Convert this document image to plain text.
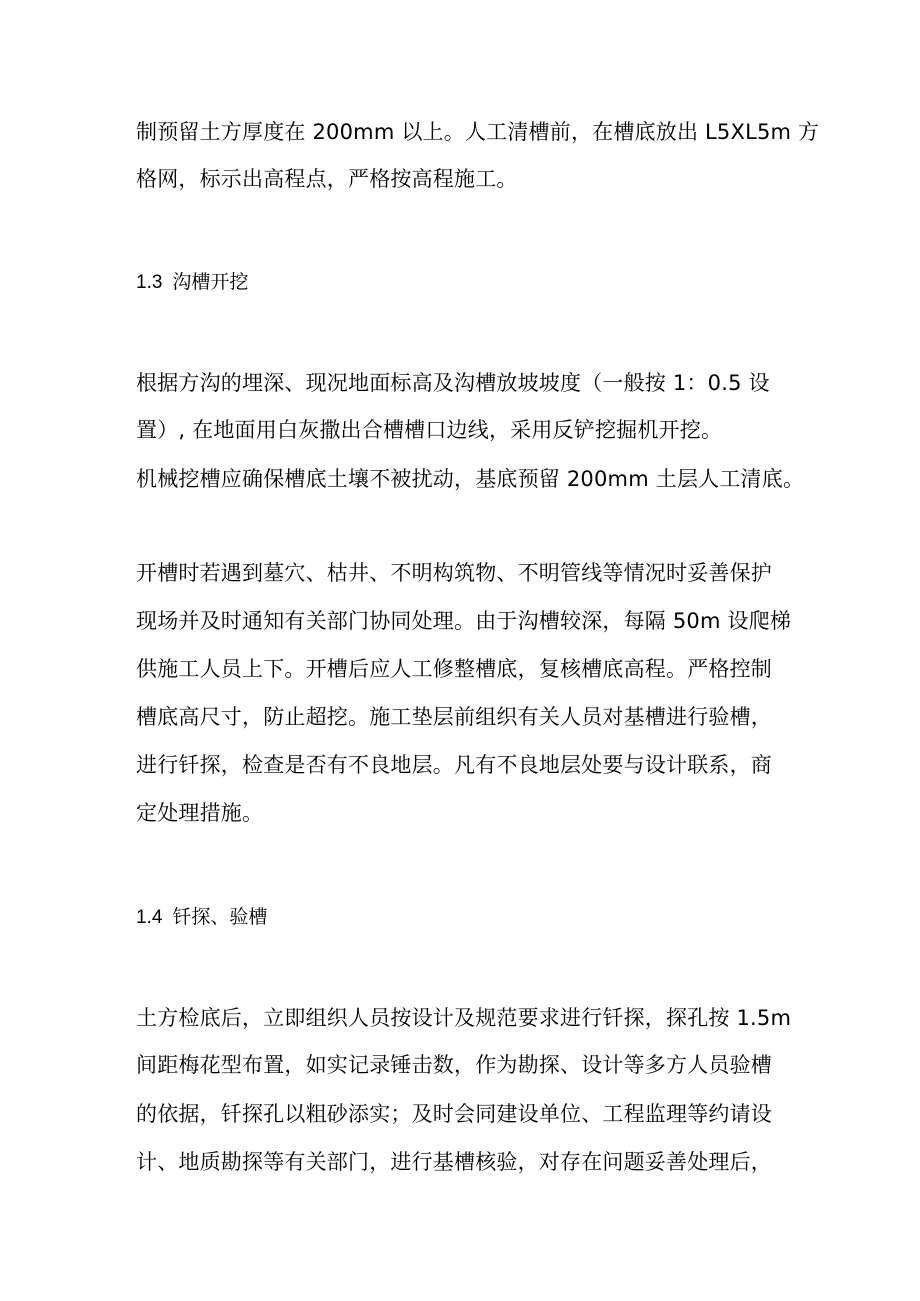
制预留土方厚度在 200mm 以上。人工清槽前，在槽底放出 L5XL5m 方
格网，标示出高程点，严格按高程施工。
1.3 沟槽开挖
根据方沟的埋深、现况地面标高及沟槽放坡坡度（一般按 1：0.5 设
置）, 在地面用白灰撒出合槽槽口边线，采用反铲挖掘机开挖。
机械挖槽应确保槽底土壤不被扰动，基底预留 200mm 土层人工清底。
开槽时若遇到墓穴、枯井、不明构筑物、不明管线等情况时妥善保护
现场并及时通知有关部门协同处理。由于沟槽较深，每隔 50m 设爬梯
供施工人员上下。开槽后应人工修整槽底，复核槽底高程。严格控制
槽底高尺寸，防止超挖。施工垫层前组织有关人员对基槽进行验槽，
进行钎探，检查是否有不良地层。凡有不良地层处要与设计联系，商
定处理措施。
1.4 钎探、验槽
土方检底后，立即组织人员按设计及规范要求进行钎探，探孔按 1.5m
间距梅花型布置，如实记录锤击数，作为勘探、设计等多方人员验槽
的依据，钎探孔以粗砂添实；及时会同建设单位、工程监理等约请设
计、地质勘探等有关部门，进行基槽核验，对存在问题妥善处理后，
